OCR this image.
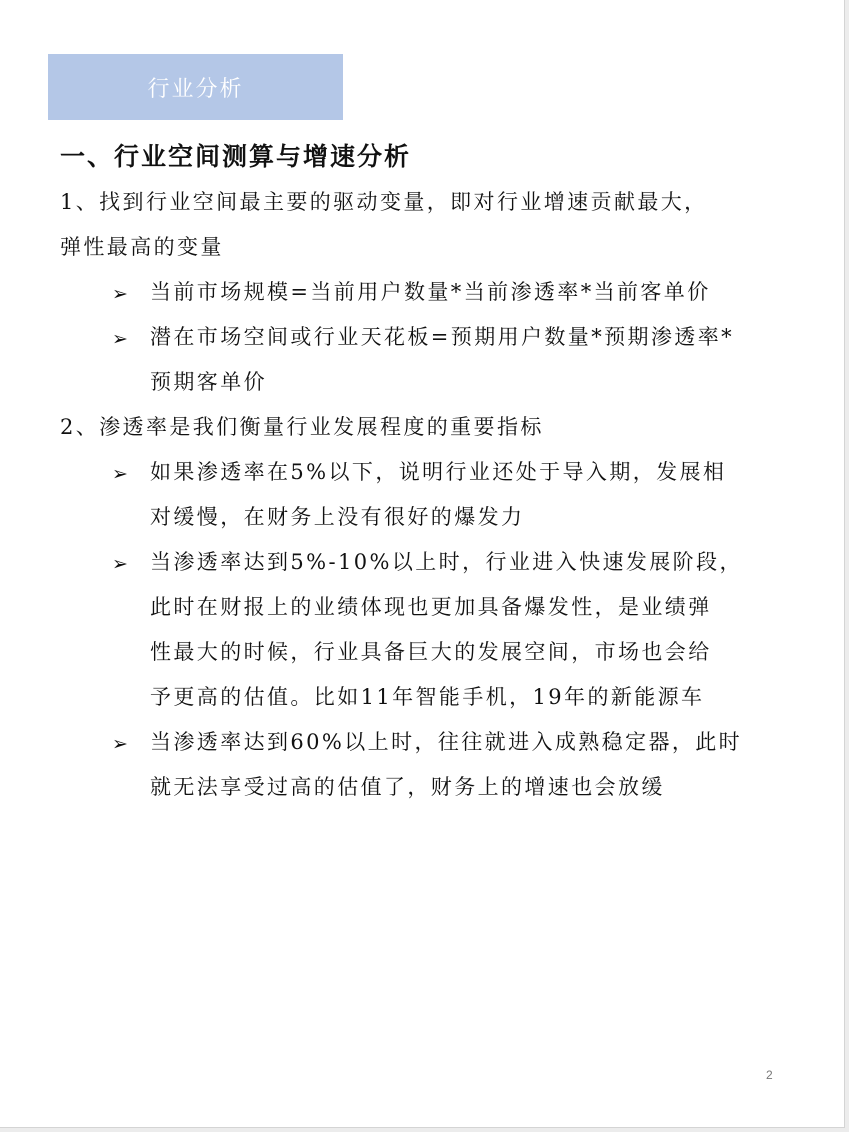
行业分析
一、行业空间测算与增速分析
1、找到行业空间最主要的驱动变量，即对行业增速贡献最大，
弹性最高的变量
➢ 当前市场规模=当前用户数量*当前渗透率*当前客单价
➢ 潜在市场空间或行业天花板=预期用户数量*预期渗透率*
预期客单价
2、渗透率是我们衡量行业发展程度的重要指标
➢ 如果渗透率在5%以下，说明行业还处于导入期，发展相
对缓慢，在财务上没有很好的爆发力
➢ 当渗透率达到5%-10%以上时，行业进入快速发展阶段，
此时在财报上的业绩体现也更加具备爆发性，是业绩弹
性最大的时候，行业具备巨大的发展空间，市场也会给
予更高的估值。比如11年智能手机，19年的新能源车
➢ 当渗透率达到60%以上时，往往就进入成熟稳定器，此时
就无法享受过高的估值了，财务上的增速也会放缓
2
